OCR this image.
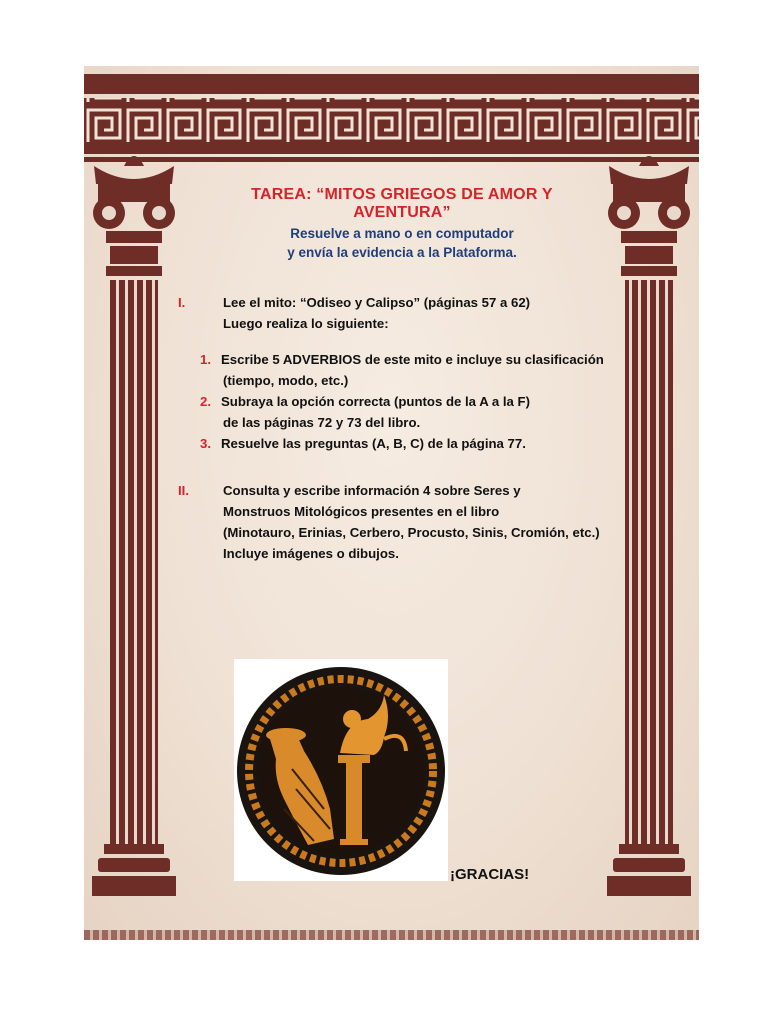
TAREA: “MITOS GRIEGOS DE AMOR Y AVENTURA”
Resuelve a mano o en computador
y envía la evidencia a la Plataforma.
I.	Lee el mito: “Odiseo y Calipso” (páginas 57 a 62)
Luego realiza lo siguiente:
1. Escribe 5 ADVERBIOS de este mito e incluye su clasificación
(tiempo, modo, etc.)
2. Subraya la opción correcta (puntos de la A a la F)
de las páginas 72 y 73 del libro.
3. Resuelve las preguntas (A, B, C) de la página 77.
II.	Consulta y escribe información 4 sobre Seres y
Monstruos Mitológicos presentes en el libro
(Minotauro, Erinias, Cerbero, Procusto, Sinis, Cromión, etc.)
Incluye imágenes o dibujos.
¡GRACIAS!
